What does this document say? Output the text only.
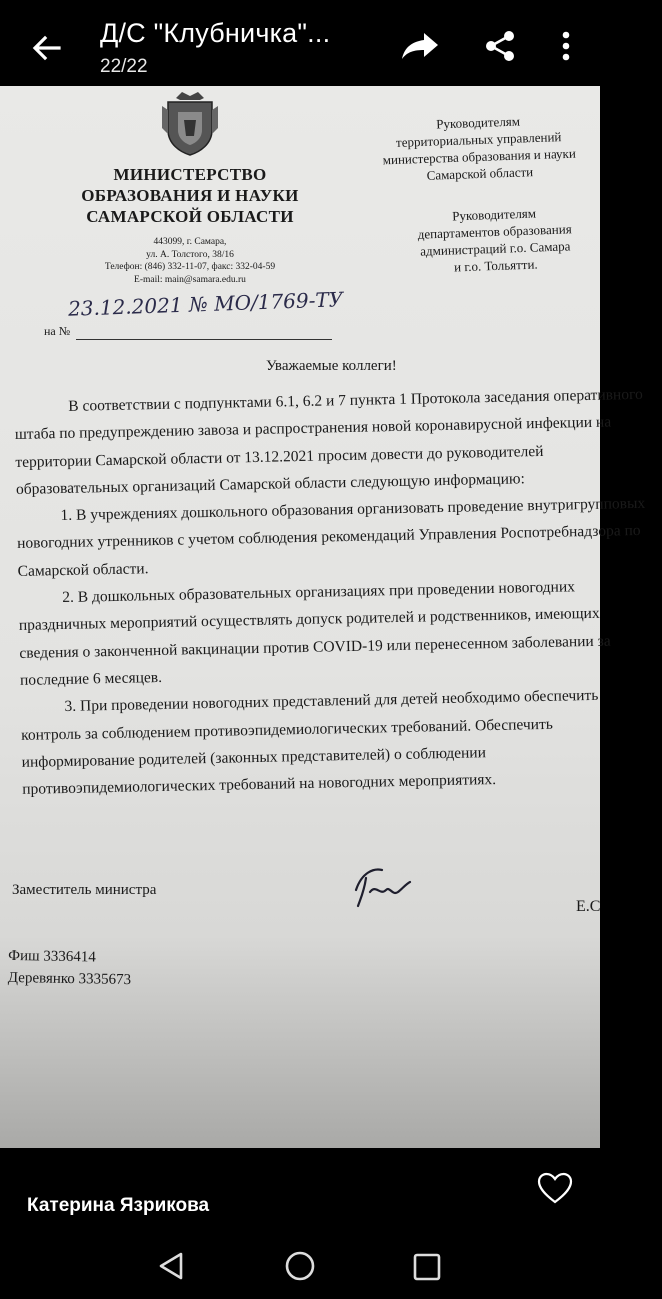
Д/С "Клубничка"...
22/22
МИНИСТЕРСТВО
ОБРАЗОВАНИЯ И НАУКИ
САМАРСКОЙ ОБЛАСТИ
443099, г. Самара,
ул. А. Толстого, 38/16
Телефон: (846) 332-11-07, факс: 332-04-59
E-mail: main@samara.edu.ru
23.12.2021 № МО/1769-ТУ
на №
Руководителям
территориальных управлений
министерства образования и науки
Самарской области
Руководителям
департаментов образования
администраций г.о. Самара
и г.о. Тольятти.
Уважаемые коллеги!

В соответствии с подпунктами 6.1, 6.2 и 7 пункта 1 Протокола заседания оперативного штаба по предупреждению завоза и распространения новой коронавирусной инфекции на территории Самарской области от 13.12.2021 просим довести до руководителей образовательных организаций Самарской области следующую информацию:

1. В учреждениях дошкольного образования организовать проведение внутригрупповых новогодних утренников с учетом соблюдения рекомендаций Управления Роспотребнадзора по Самарской области.

2. В дошкольных образовательных организациях при проведении новогодних праздничных мероприятий осуществлять допуск родителей и родственников, имеющих сведения о законченной вакцинации против COVID-19 или перенесенном заболевании за последние 6 месяцев.

3. При проведении новогодних представлений для детей необходимо обеспечить контроль за соблюдением противоэпидемиологических требований. Обеспечить информирование родителей (законных представителей) о соблюдении противоэпидемиологических требований на новогодних мероприятиях.

Заместитель министра
Е.С
Фиш 3336414
Деревянко 3335673
Катерина Язрикова
